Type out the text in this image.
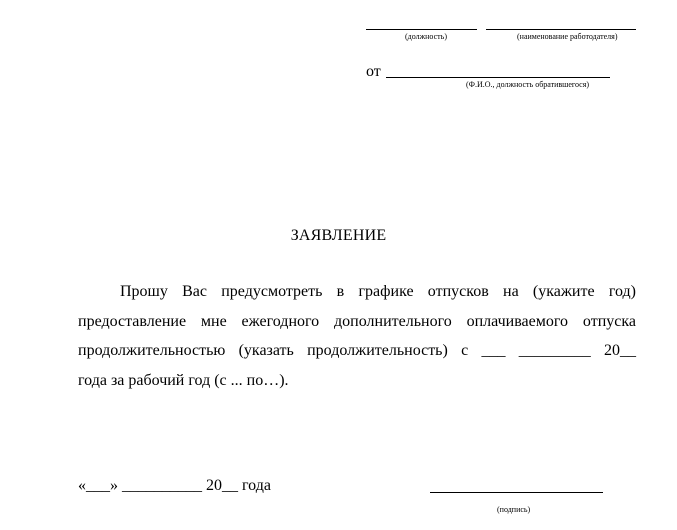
(должность)	(наименование работодателя)
от
(Ф.И.О., должность обратившегося)
ЗАЯВЛЕНИЕ
Прошу Вас предусмотреть в графике отпусков на (укажите год)
предоставление мне ежегодного дополнительного оплачиваемого отпуска
продолжительностью (указать продолжительность) с ___ _________ 20__
года за рабочий год (с ... по…).
«___» __________ 20__ года
(подпись)
